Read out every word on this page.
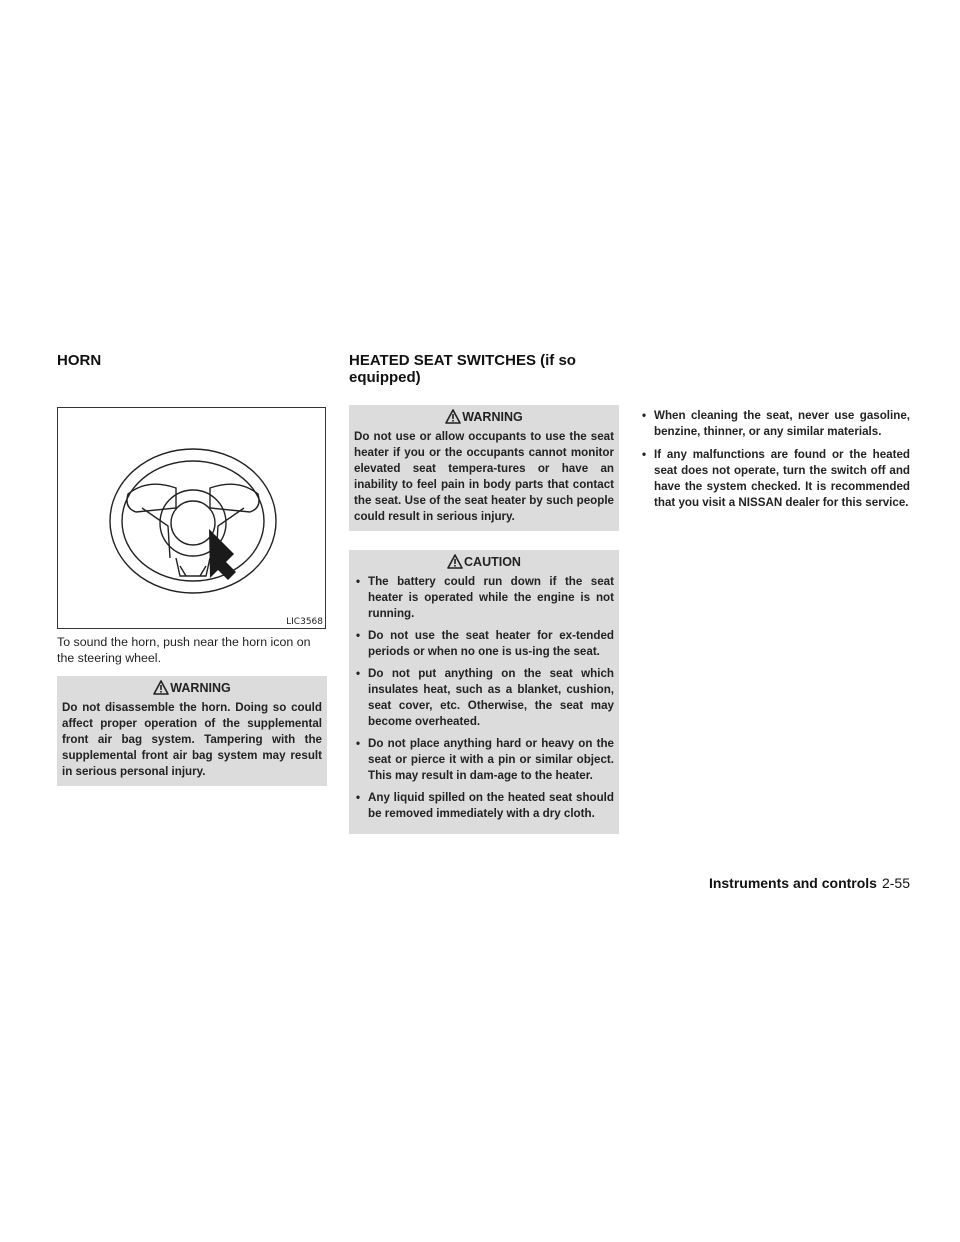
HORN	HEATED SEAT SWITCHES (if so equipped)
LIC3568
To sound the horn, push near the horn icon on the steering wheel.
WARNING
Do not disassemble the horn. Doing so could affect proper operation of the supplemental front air bag system. Tampering with the supplemental front air bag system may result in serious personal injury.
WARNING
Do not use or allow occupants to use the seat heater if you or the occupants cannot monitor elevated seat tempera-tures or have an inability to feel pain in body parts that contact the seat. Use of the seat heater by such people could result in serious injury.
CAUTION
• The battery could run down if the seat heater is operated while the engine is not running.
• Do not use the seat heater for ex-tended periods or when no one is us-ing the seat.
• Do not put anything on the seat which insulates heat, such as a blanket, cushion, seat cover, etc. Otherwise, the seat may become overheated.
• Do not place anything hard or heavy on the seat or pierce it with a pin or similar object. This may result in dam-age to the heater.
• Any liquid spilled on the heated seat should be removed immediately with a dry cloth.
• When cleaning the seat, never use gasoline, benzine, thinner, or any similar materials.
• If any malfunctions are found or the heated seat does not operate, turn the switch off and have the system checked. It is recommended that you visit a NISSAN dealer for this service.
Instruments and controls 2-55
